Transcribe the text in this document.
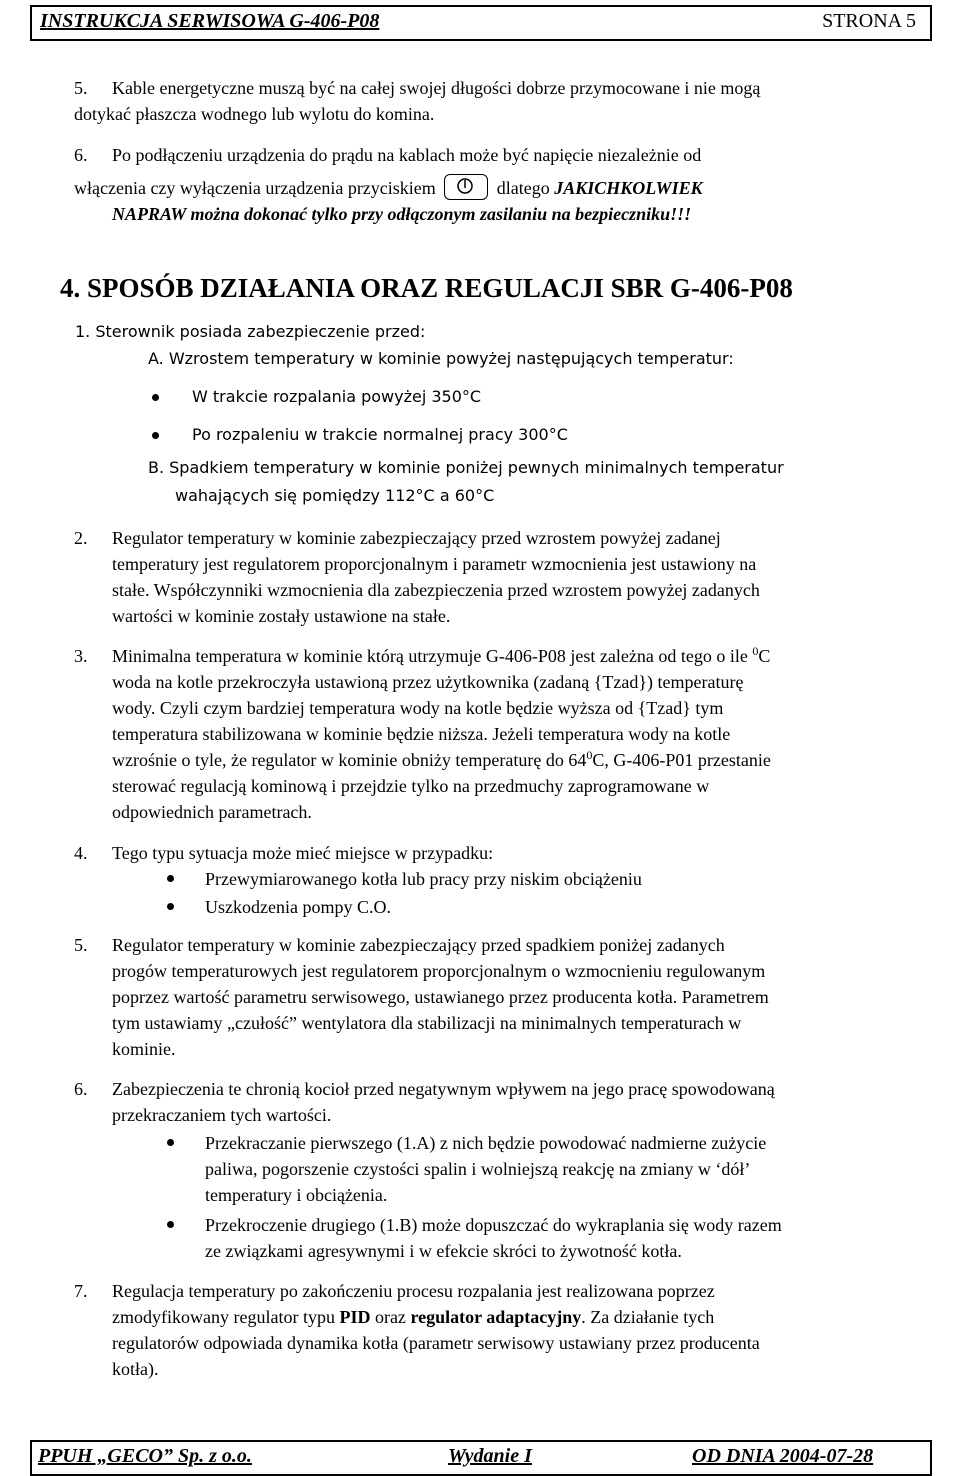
INSTRUKCJA SERWISOWA G-406-P08	STRONA 5
5. Kable energetyczne muszą być na całej swojej długości dobrze przymocowane i nie mogą
dotykać płaszcza wodnego lub wylotu do komina.
6. Po podłączeniu urządzenia do prądu na kablach może być napięcie niezależnie od
włączenia czy wyłączenia urządzenia przyciskiem	dlatego JAKICHKOLWIEK
NAPRAW można dokonać tylko przy odłączonym zasilaniu na bezpieczniku!!!
4. SPOSÓB DZIAŁANIA ORAZ REGULACJI SBR G-406-P08
1. Sterownik posiada zabezpieczenie przed:
A. Wzrostem temperatury w kominie powyżej następujących temperatur:
W trakcie rozpalania powyżej 350°C
Po rozpaleniu w trakcie normalnej pracy 300°C
B. Spadkiem temperatury w kominie poniżej pewnych minimalnych temperatur
wahających się pomiędzy 112°C a 60°C
2. Regulator temperatury w kominie zabezpieczający przed wzrostem powyżej zadanej
temperatury jest regulatorem proporcjonalnym i parametr wzmocnienia jest ustawiony na
stałe. Współczynniki wzmocnienia dla zabezpieczenia przed wzrostem powyżej zadanych
wartości w kominie zostały ustawione na stałe.
3. Minimalna temperatura w kominie którą utrzymuje G-406-P08 jest zależna od tego o ile $^0$C
woda na kotle przekroczyła ustawioną przez użytkownika (zadaną {Tzad}) temperaturę
wody. Czyli czym bardziej temperatura wody na kotle będzie wyższa od {Tzad} tym
temperatura stabilizowana w kominie będzie niższa. Jeżeli temperatura wody na kotle
wzrośnie o tyle, że regulator w kominie obniży temperaturę do $64^0C$, G-406-P01 przestanie
sterować regulacją kominową i przejdzie tylko na przedmuchy zaprogramowane w
odpowiednich parametrach.
4. Tego typu sytuacja może mieć miejsce w przypadku:
Przewymiarowanego kotła lub pracy przy niskim obciążeniu
Uszkodzenia pompy C.O.
5. Regulator temperatury w kominie zabezpieczający przed spadkiem poniżej zadanych
progów temperaturowych jest regulatorem proporcjonalnym o wzmocnieniu regulowanym
poprzez wartość parametru serwisowego, ustawianego przez producenta kotła. Parametrem
tym ustawiamy „czułość” wentylatora dla stabilizacji na minimalnych temperaturach w
kominie.
6. Zabezpieczenia te chronią kocioł przed negatywnym wpływem na jego pracę spowodowaną
przekraczaniem tych wartości.
Przekraczanie pierwszego (1.A) z nich będzie powodować nadmierne zużycie
paliwa, pogorszenie czystości spalin i wolniejszą reakcję na zmiany w ‘dół’
temperatury i obciążenia.
Przekroczenie drugiego (1.B) może dopuszczać do wykraplania się wody razem
ze związkami agresywnymi i w efekcie skróci to żywotność kotła.
7. Regulacja temperatury po zakończeniu procesu rozpalania jest realizowana poprzez
zmodyfikowany regulator typu PID oraz regulator adaptacyjny. Za działanie tych
regulatorów odpowiada dynamika kotła (parametr serwisowy ustawiany przez producenta
kotła).
PPUH „GECO” Sp. z o.o.	Wydanie I	OD DNIA 2004-07-28
